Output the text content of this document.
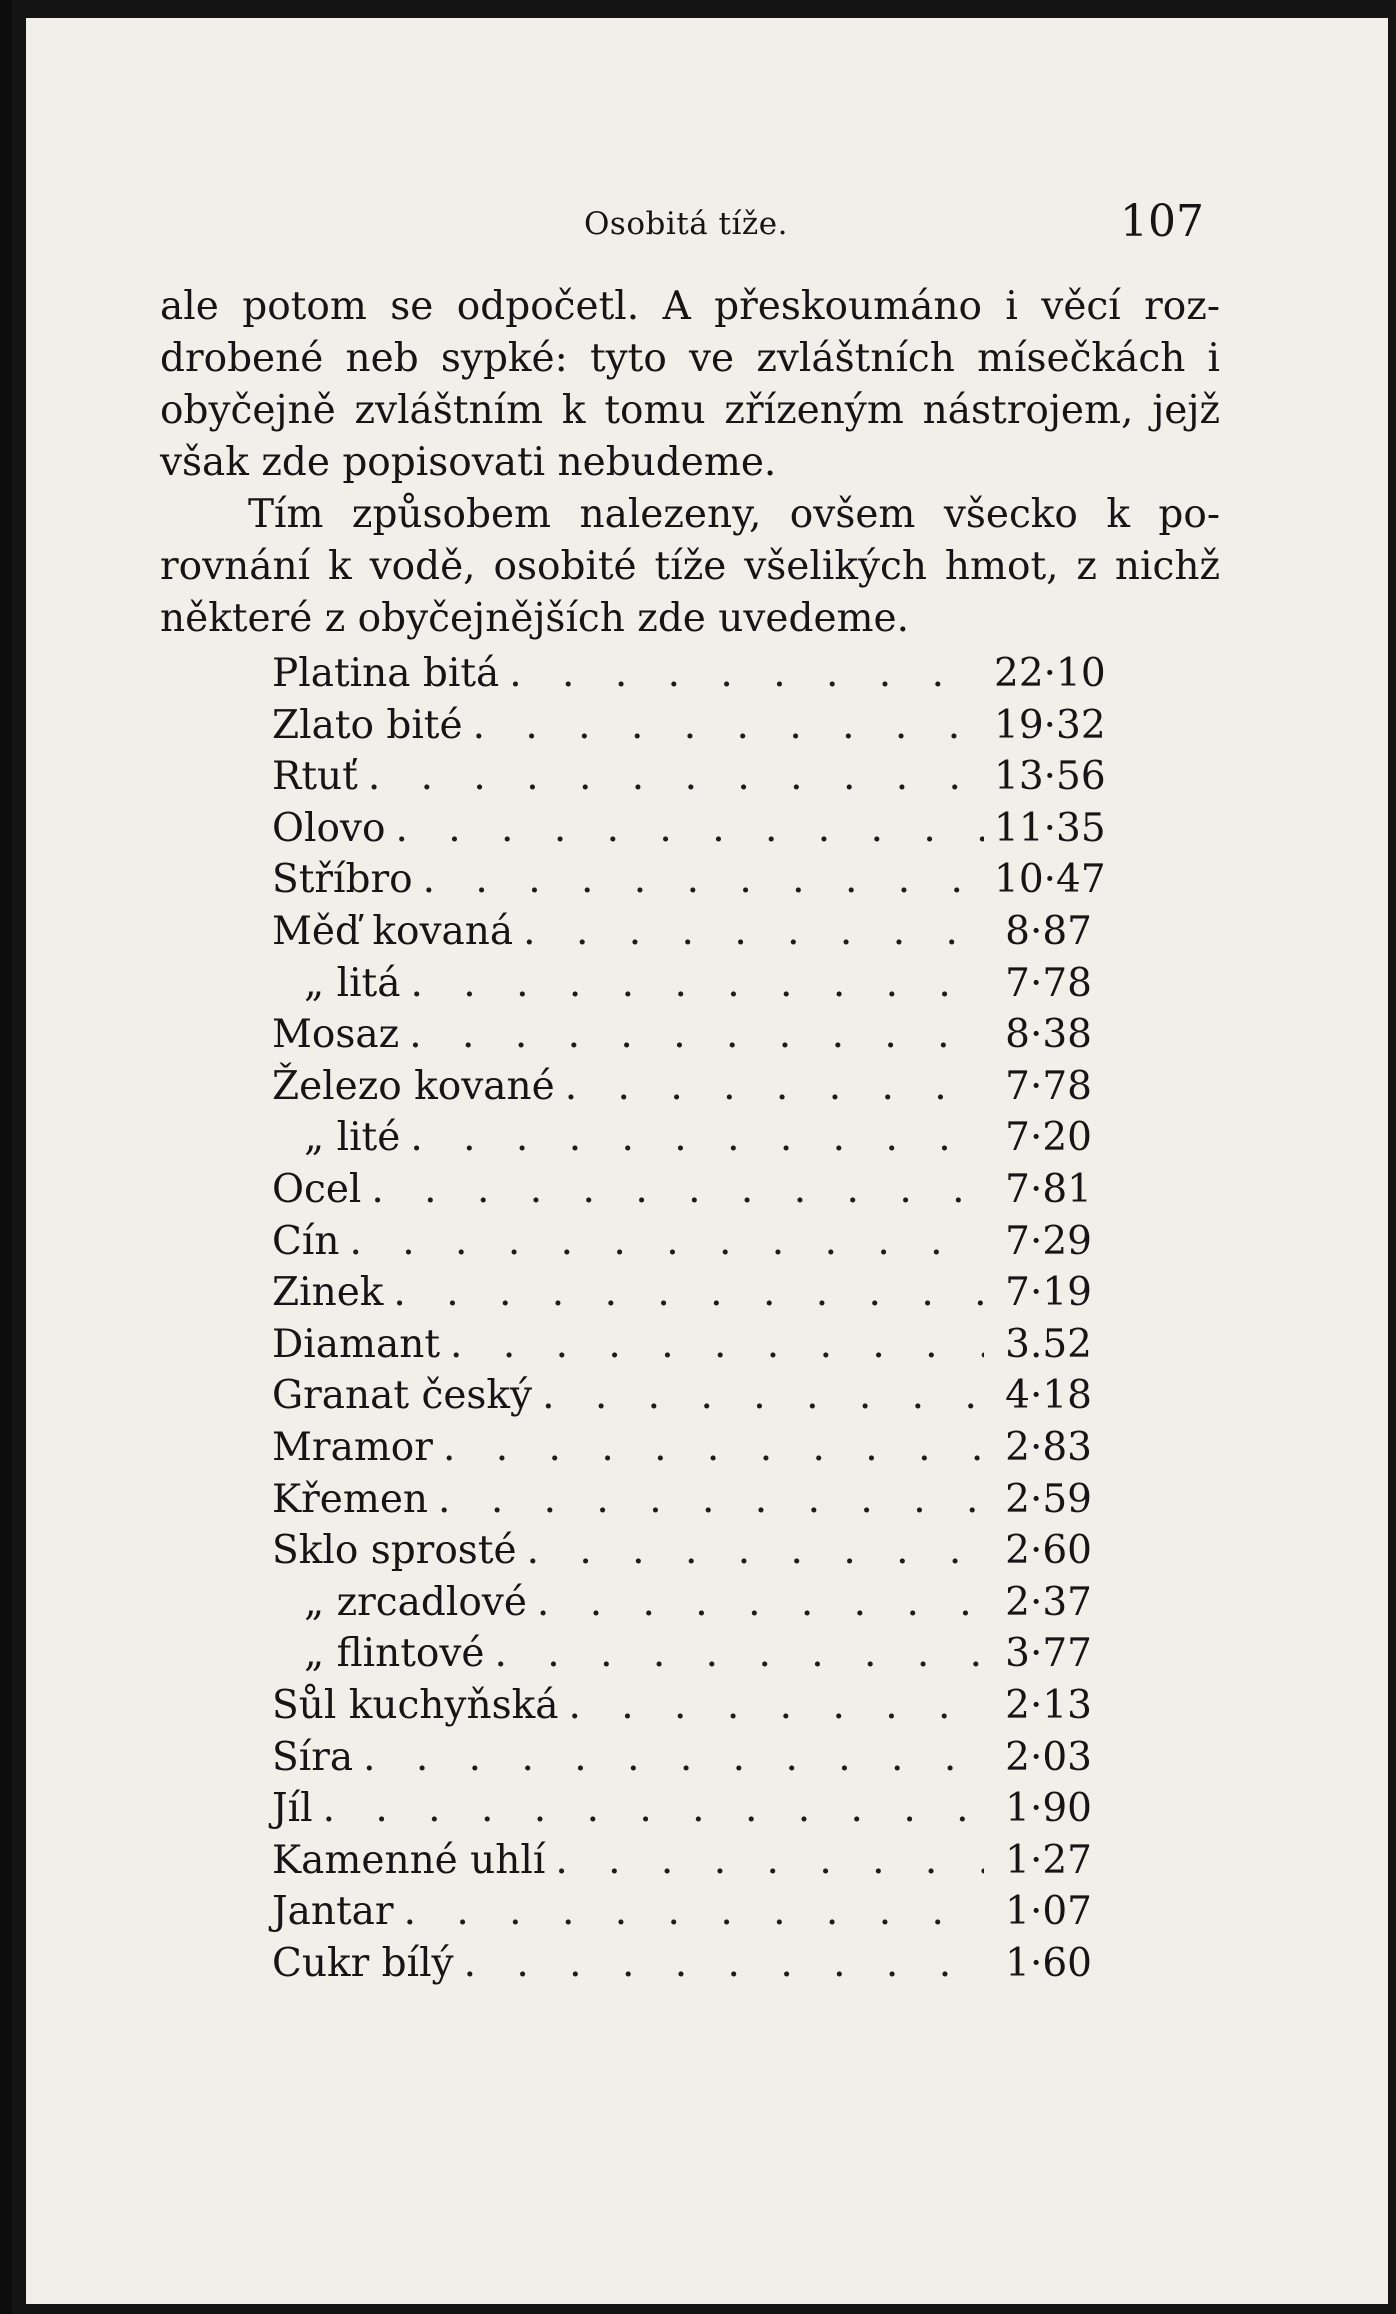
Osobitá tíže.	107

ale potom se odpočetl. A přeskoumáno i věcí roz-
drobené neb sypké: tyto ve zvláštních mísečkách i
obyčejně zvláštním k tomu zřízeným nástrojem, jejž
však zde popisovati nebudeme.

Tím způsobem nalezeny, ovšem všecko k po-
rovnání k vodě, osobité tíže všelikých hmot, z nichž
některé z obyčejnějších zde uvedeme.

Platina bitá . . .	22·10
Zlato bité . . .	19·32
Rtuť . . .	13·56
Olovo . . .	11·35
Stříbro . . .	10·47
Měď kovaná . . .	8·87
„ litá . . .	7·78
Mosaz . . .	8·38
Železo kované . . .	7·78
„ lité . . .	7·20
Ocel . . .	7·81
Cín . . .	7·29
Zinek . . .	7·19
Diamant . . .	3.52
Granat český . . .	4·18
Mramor . . .	2·83
Křemen . . .	2·59
Sklo sprosté . . .	2·60
„ zrcadlové . . .	2·37
„ flintové . . .	3·77
Sůl kuchyňská . . .	2·13
Síra . . .	2·03
Jíl . . .	1·90
Kamenné uhlí . . .	1·27
Jantar . . .	1·07
Cukr bílý . . .	1·60
